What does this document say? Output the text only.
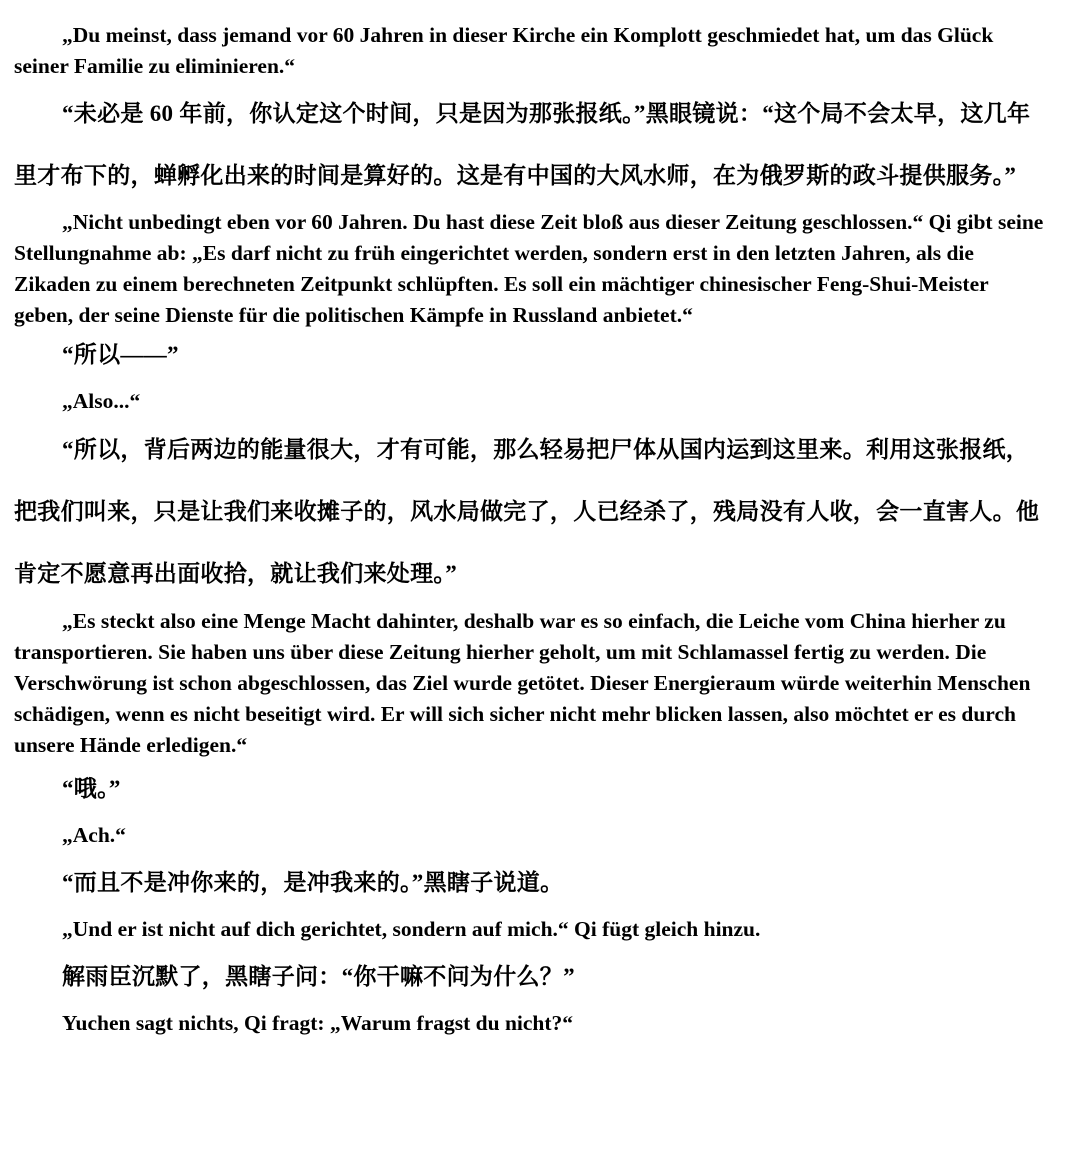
„Du meinst, dass jemand vor 60 Jahren in dieser Kirche ein Komplott geschmiedet hat, um das Glück seiner Familie zu eliminieren.“

“未必是 60 年前，你认定这个时间，只是因为那张报纸。”黑眼镜说：“这个局不会太早，这几年里才布下的，蝉孵化出来的时间是算好的。这是有中国的大风水师，在为俄罗斯的政斗提供服务。”

„Nicht unbedingt eben vor 60 Jahren. Du hast diese Zeit bloß aus dieser Zeitung geschlossen.“ Qi gibt seine Stellungnahme ab: „Es darf nicht zu früh eingerichtet werden, sondern erst in den letzten Jahren, als die Zikaden zu einem berechneten Zeitpunkt schlüpften. Es soll ein mächtiger chinesischer Feng-Shui-Meister geben, der seine Dienste für die politischen Kämpfe in Russland anbietet.“

“所以——”

„Also...“

“所以，背后两边的能量很大，才有可能，那么轻易把尸体从国内运到这里来。利用这张报纸，把我们叫来，只是让我们来收摊子的，风水局做完了，人已经杀了，残局没有人收，会一直害人。他肯定不愿意再出面收拾，就让我们来处理。”

„Es steckt also eine Menge Macht dahinter, deshalb war es so einfach, die Leiche vom China hierher zu transportieren. Sie haben uns über diese Zeitung hierher geholt, um mit Schlamassel fertig zu werden. Die Verschwörung ist schon abgeschlossen, das Ziel wurde getötet. Dieser Energieraum würde weiterhin Menschen schädigen, wenn es nicht beseitigt wird. Er will sich sicher nicht mehr blicken lassen, also möchtet er es durch unsere Hände erledigen.“

“哦。”

„Ach.“

“而且不是冲你来的，是冲我来的。”黑瞎子说道。

„Und er ist nicht auf dich gerichtet, sondern auf mich.“ Qi fügt gleich hinzu.

解雨臣沉默了，黑瞎子问：“你干嘛不问为什么？”

Yuchen sagt nichts, Qi fragt: „Warum fragst du nicht?“
